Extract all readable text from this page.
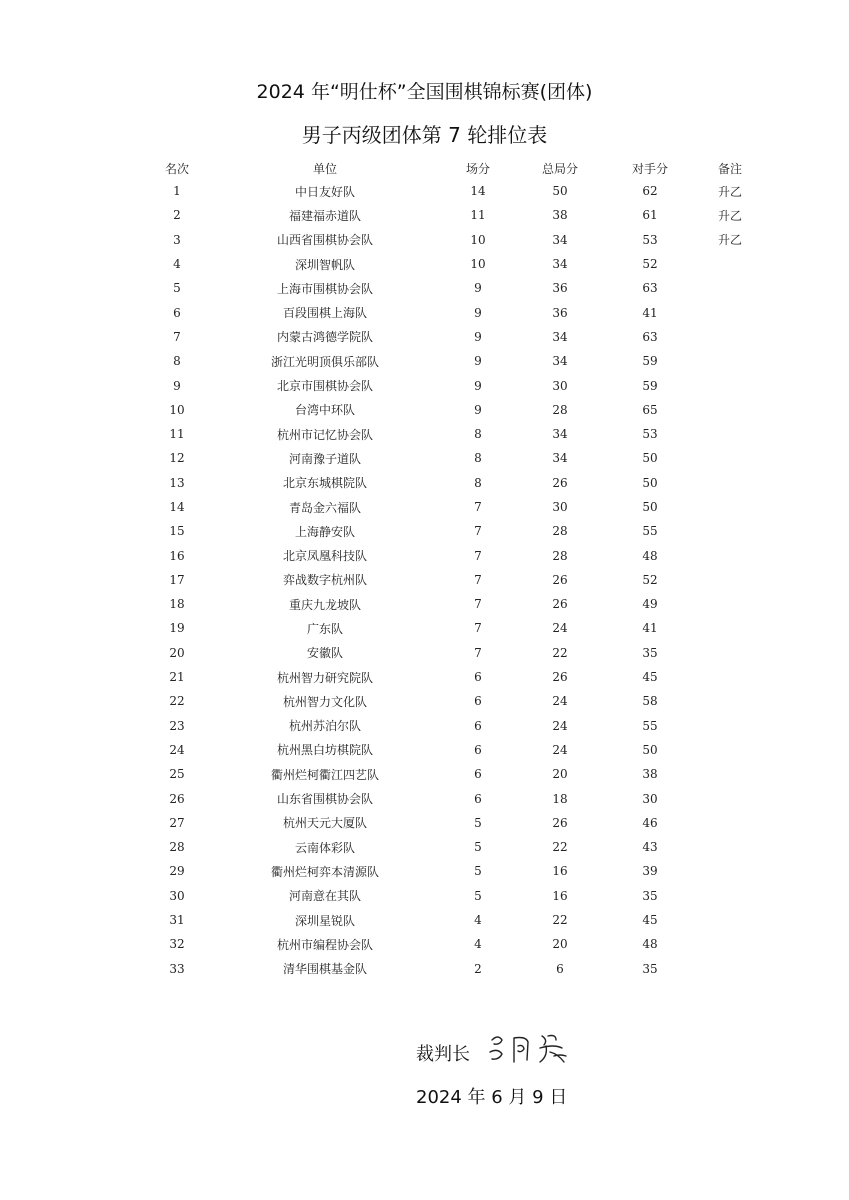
2024 年“明仕杯”全国围棋锦标赛(团体)
男子丙级团体第 7 轮排位表
名次	单位	场分	总局分	对手分	备注
1	中日友好队	14	50	62	升乙
2	福建福赤道队	11	38	61	升乙
3	山西省围棋协会队	10	34	53	升乙
4	深圳智帆队	10	34	52	
5	上海市围棋协会队	9	36	63	
6	百段围棋上海队	9	36	41	
7	内蒙古鸿德学院队	9	34	63	
8	浙江光明顶俱乐部队	9	34	59	
9	北京市围棋协会队	9	30	59	
10	台湾中环队	9	28	65	
11	杭州市记忆协会队	8	34	53	
12	河南豫子道队	8	34	50	
13	北京东城棋院队	8	26	50	
14	青岛金六福队	7	30	50	
15	上海静安队	7	28	55	
16	北京凤凰科技队	7	28	48	
17	弈战数字杭州队	7	26	52	
18	重庆九龙坡队	7	26	49	
19	广东队	7	24	41	
20	安徽队	7	22	35	
21	杭州智力研究院队	6	26	45	
22	杭州智力文化队	6	24	58	
23	杭州苏泊尔队	6	24	55	
24	杭州黑白坊棋院队	6	24	50	
25	衢州烂柯衢江四艺队	6	20	38	
26	山东省围棋协会队	6	18	30	
27	杭州天元大厦队	5	26	46	
28	云南体彩队	5	22	43	
29	衢州烂柯弈本清源队	5	16	39	
30	河南意在其队	5	16	35	
31	深圳星锐队	4	22	45	
32	杭州市编程协会队	4	20	48	
33	清华围棋基金队	2	6	35	
裁判长
2024 年 6 月 9 日
